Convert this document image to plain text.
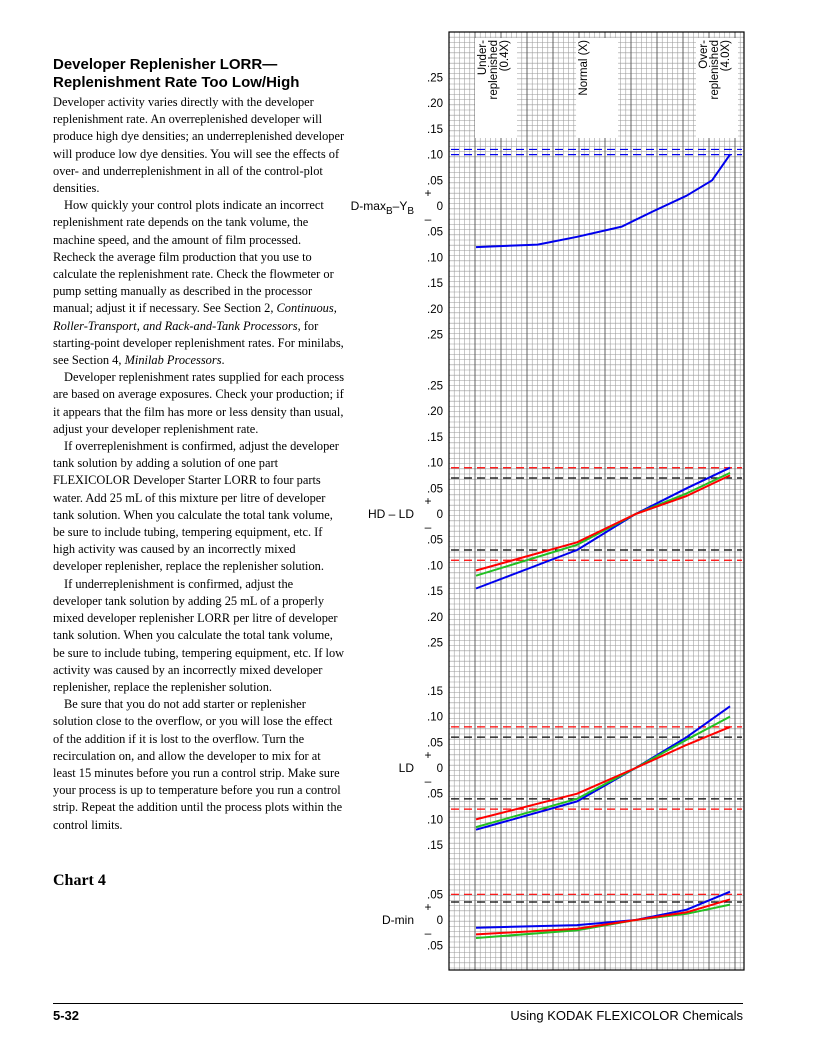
Developer Replenisher LORR—
Replenishment Rate Too Low/High

Developer activity varies directly with the developer replenishment rate. An overreplenished developer will produce high dye densities; an underreplenished developer will produce low dye densities. You will see the effects of over- and underreplenishment in all of the control-plot densities.

How quickly your control plots indicate an incorrect replenishment rate depends on the tank volume, the machine speed, and the amount of film processed. Recheck the average film production that you use to calculate the replenishment rate. Check the flowmeter or pump setting manually as described in the processor manual; adjust it if necessary. See Section 2, Continuous, Roller-Transport, and Rack-and-Tank Processors, for starting-point developer replenishment rates. For minilabs, see Section 4, Minilab Processors.

Developer replenishment rates supplied for each process are based on average exposures. Check your production; if it appears that the film has more or less density than usual, adjust your developer replenishment rate.

If overreplenishment is confirmed, adjust the developer tank solution by adding a solution of one part FLEXICOLOR Developer Starter LORR to four parts water. Add 25 mL of this mixture per litre of developer tank solution. When you calculate the total tank volume, be sure to include tubing, tempering equipment, etc. If high activity was caused by an incorrectly mixed developer replenisher, replace the replenisher solution.

If underreplenishment is confirmed, adjust the developer tank solution by adding 25 mL of a properly mixed developer replenisher LORR per litre of developer tank solution. When you calculate the total tank volume, be sure to include tubing, tempering equipment, etc. If low activity was caused by an incorrectly mixed developer replenisher, replace the replenisher solution.

Be sure that you do not add starter or replenisher solution close to the overflow, or you will lose the effect of the addition if it is lost to the overflow. Turn the recirculation on, and allow the developer to mix for at least 15 minutes before you run a control strip. Make sure your process is up to temperature before you run a control strip. Repeat the addition until the process plots within the control limits.

Chart 4
Under- replenished (0.4X)	Normal (X)	Over- replenished (4.0X)
.25
.20
.15
.10
.05
0
.05
.10
.15
.20
.25
+
–
$D-\max_B-Y_B$
.25
.20
.15
.10
.05
0
.05
.10
.15
.20
.25
+
–
HD – LD
.15
.10
.05
0
.05
.10
.15
+
–
LD
.05
0
.05
+
–
D-min
5-32	Using KODAK FLEXICOLOR Chemicals
